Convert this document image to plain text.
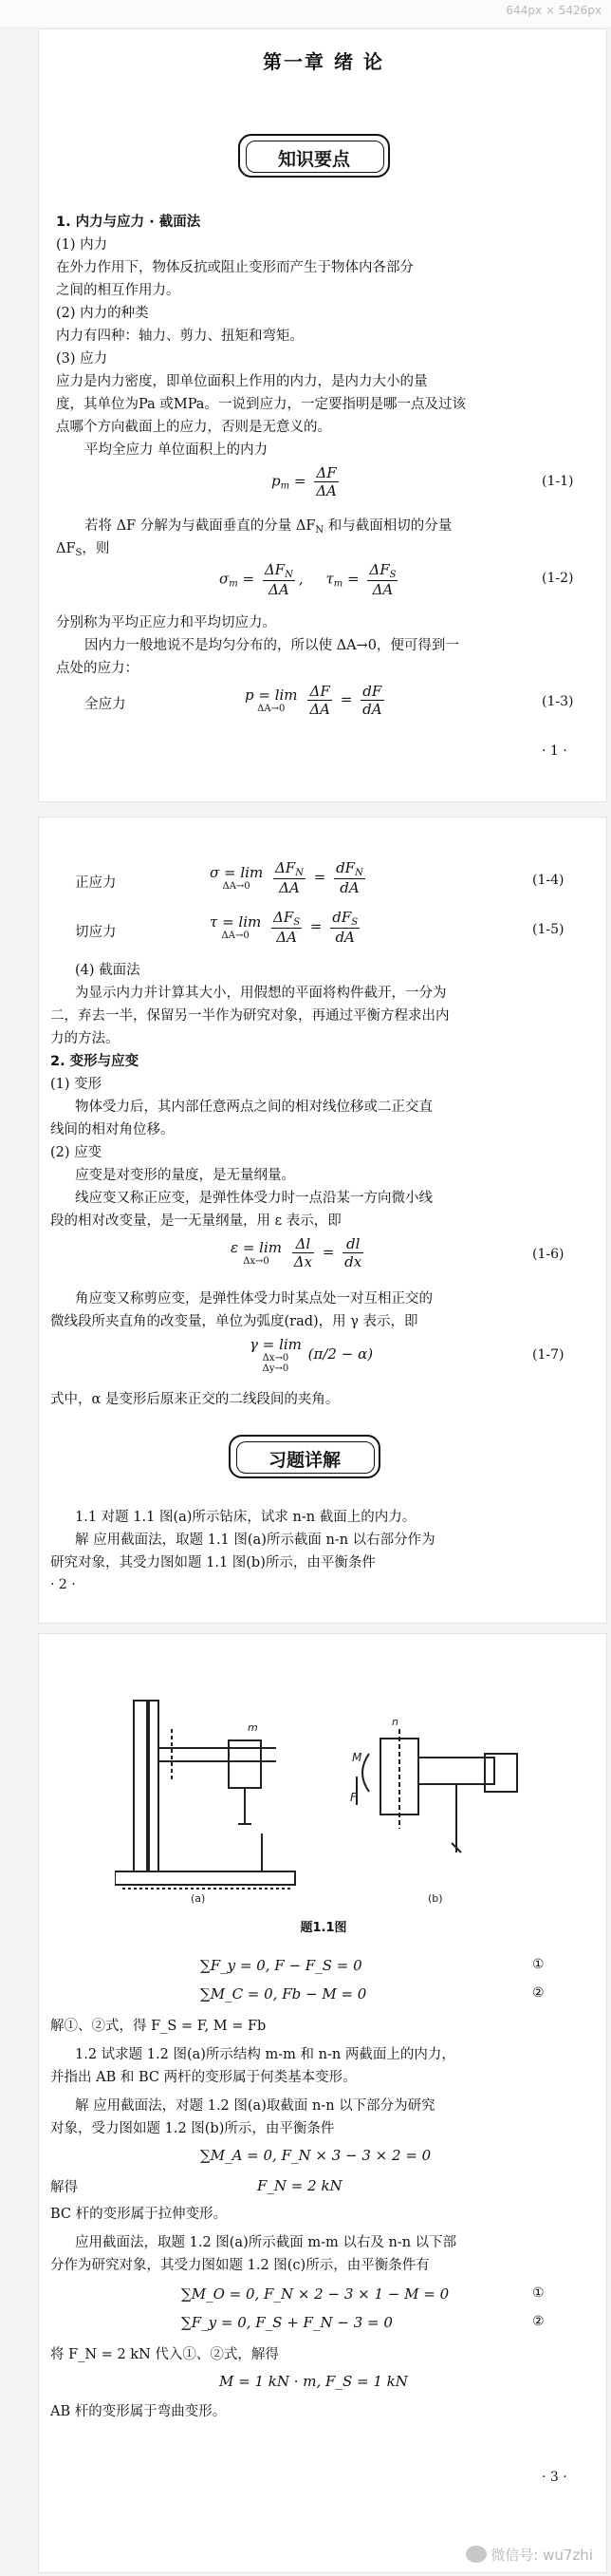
644px × 5426px
第一章 绪 论
知识要点
1. 内力与应力 · 截面法
(1) 内力
在外力作用下，物体反抗或阻止变形而产生于物体内各部分
之间的相互作用力。
(2) 内力的种类
内力有四种：轴力、剪力、扭矩和弯矩。
(3) 应力
应力是内力密度，即单位面积上作用的内力，是内力大小的量
度，其单位为Pa 或MPa。一说到应力，一定要指明是哪一点及过该
点哪个方向截面上的应力，否则是无意义的。
平均全应力 单位面积上的内力
$p_m = \frac{\Delta F}{\Delta A}$	(1-1)
若将 ΔF 分解为与截面垂直的分量 $\Delta F_N$ 和与截面相切的分量
$\Delta F_S$，则
$\sigma_m = \frac{\Delta F_N}{\Delta A}$ ,     $\tau_m = \frac{\Delta F_S}{\Delta A}$	(1-2)
分别称为平均正应力和平均切应力。
因内力一般地说不是均匀分布的，所以使 ΔA→0，便可得到一
点处的应力：
全应力
p = lim
ΔA→0
	$\frac{\Delta F}{\Delta A} = \frac{dF}{dA}$	(1-3)
· 1 ·
正应力
σ = lim
ΔA→0
	$\frac{\Delta F_N}{\Delta A} = \frac{dF_N}{dA}$	(1-4)
切应力
τ = lim
ΔA→0
	$\frac{\Delta F_S}{\Delta A} = \frac{dF_S}{dA}$	(1-5)
(4) 截面法
为显示内力并计算其大小，用假想的平面将构件截开，一分为
二，弃去一半，保留另一半作为研究对象，再通过平衡方程求出内
力的方法。
2. 变形与应变
(1) 变形
物体受力后，其内部任意两点之间的相对线位移或二正交直
线间的相对角位移。
(2) 应变
应变是对变形的量度，是无量纲量。
线应变又称正应变，是弹性体受力时一点沿某一方向微小线
段的相对改变量，是一无量纲量，用 ε 表示，即
ε = lim
Δx→0
	$\frac{\Delta l}{\Delta x} = \frac{dl}{dx}$	(1-6)
角应变又称剪应变，是弹性体受力时某点处一对互相正交的
微线段所夹直角的改变量，单位为弧度(rad)，用 γ 表示，即
γ = lim
Δx→0
Δy→0
(π/2 − α)	(1-7)
式中，α 是变形后原来正交的二线段间的夹角。
习题详解
1.1 对题 1.1 图(a)所示钻床，试求 n-n 截面上的内力。
解 应用截面法，取题 1.1 图(a)所示截面 n-n 以右部分作为
研究对象，其受力图如题 1.1 图(b)所示，由平衡条件
· 2 ·
(a)	(b)
M
F
n
m
题1.1图
∑F_y = 0, F − F_S = 0	①
∑M_C = 0, Fb − M = 0	②
解①、②式，得 F_S = F, M = Fb
1.2 试求题 1.2 图(a)所示结构 m-m 和 n-n 两截面上的内力，
并指出 AB 和 BC 两杆的变形属于何类基本变形。
解 应用截面法，对题 1.2 图(a)取截面 n-n 以下部分为研究
对象，受力图如题 1.2 图(b)所示，由平衡条件
∑M_A = 0, F_N × 3 − 3 × 2 = 0
解得	F_N = 2 kN
BC 杆的变形属于拉伸变形。
应用截面法，取题 1.2 图(a)所示截面 m-m 以右及 n-n 以下部
分作为研究对象，其受力图如题 1.2 图(c)所示，由平衡条件有
∑M_O = 0, F_N × 2 − 3 × 1 − M = 0	①
∑F_y = 0, F_S + F_N − 3 = 0	②
将 F_N = 2 kN 代入①、②式，解得
M = 1 kN · m, F_S = 1 kN
AB 杆的变形属于弯曲变形。
· 3 ·
微信号: wu7zhi
